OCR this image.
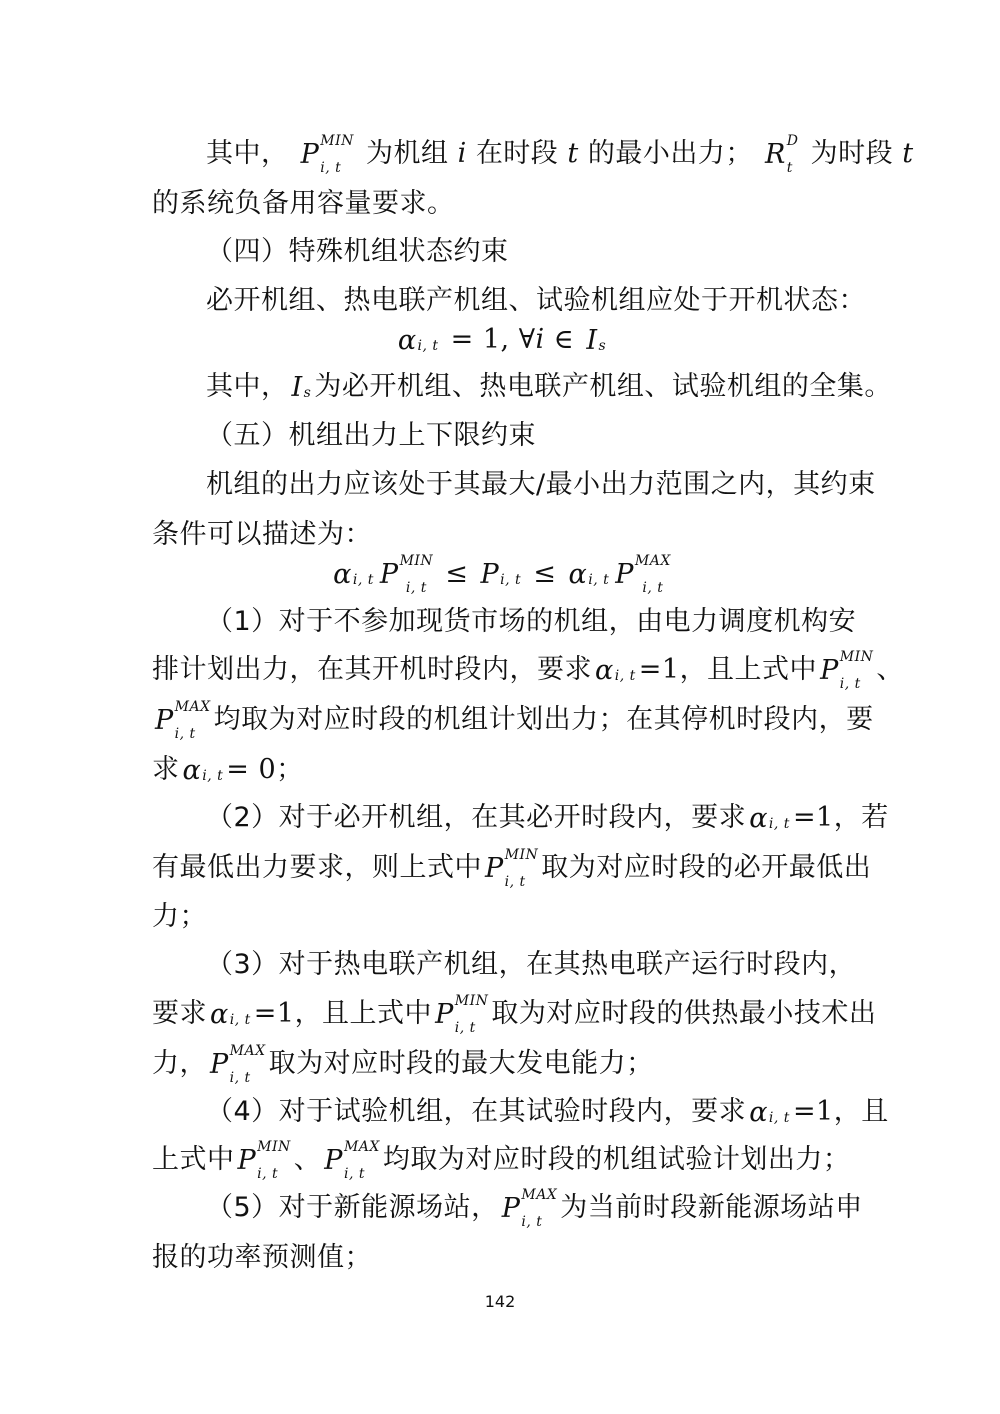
其中， P MIN
i, t 为机组 i 在时段 t 的最小出力； R D
t 为时段 t
的系统负备用容量要求。
（四）特殊机组状态约束
必开机组、热电联产机组、试验机组应处于开机状态：
α i, t = 1, ∀i ∈ I s
其中， I s 为必开机组、热电联产机组、试验机组的全集。
（五）机组出力上下限约束
机组的出力应该处于其最大/最小出力范围之内，其约束
条件可以描述为：
α i, t P MIN
i, t ≤ P i, t ≤ α i, t P MAX
i, t
（1）对于不参加现货市场的机组，由电力调度机构安
排计划出力，在其开机时段内，要求 α i, t =1，且上式中 P MIN
i, t 、
P MAX
i, t 均取为对应时段的机组计划出力；在其停机时段内，要
求 α i, t = 0；
（2）对于必开机组，在其必开时段内，要求 α i, t =1，若
有最低出力要求，则上式中 P MIN
i, t 取为对应时段的必开最低出
力；
（3）对于热电联产机组，在其热电联产运行时段内，
要求 α i, t =1，且上式中 P MIN
i, t 取为对应时段的供热最小技术出
力， P MAX
i, t 取为对应时段的最大发电能力；
（4）对于试验机组，在其试验时段内，要求 α i, t =1，且
上式中 P MIN
i, t 、 P MAX
i, t 均取为对应时段的机组试验计划出力；
（5）对于新能源场站， P MAX
i, t 为当前时段新能源场站申
报的功率预测值；
142
